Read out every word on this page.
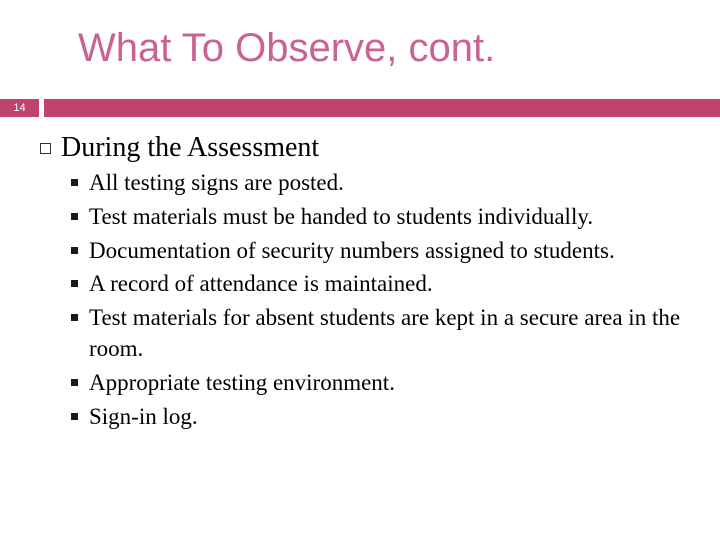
What To Observe, cont.
14
During the Assessment
All testing signs are posted.
Test materials must be handed to students individually.
Documentation of security numbers assigned to students.
A record of attendance is maintained.
Test materials for absent students are kept in a secure area in the room.
Appropriate testing environment.
Sign-in log.
